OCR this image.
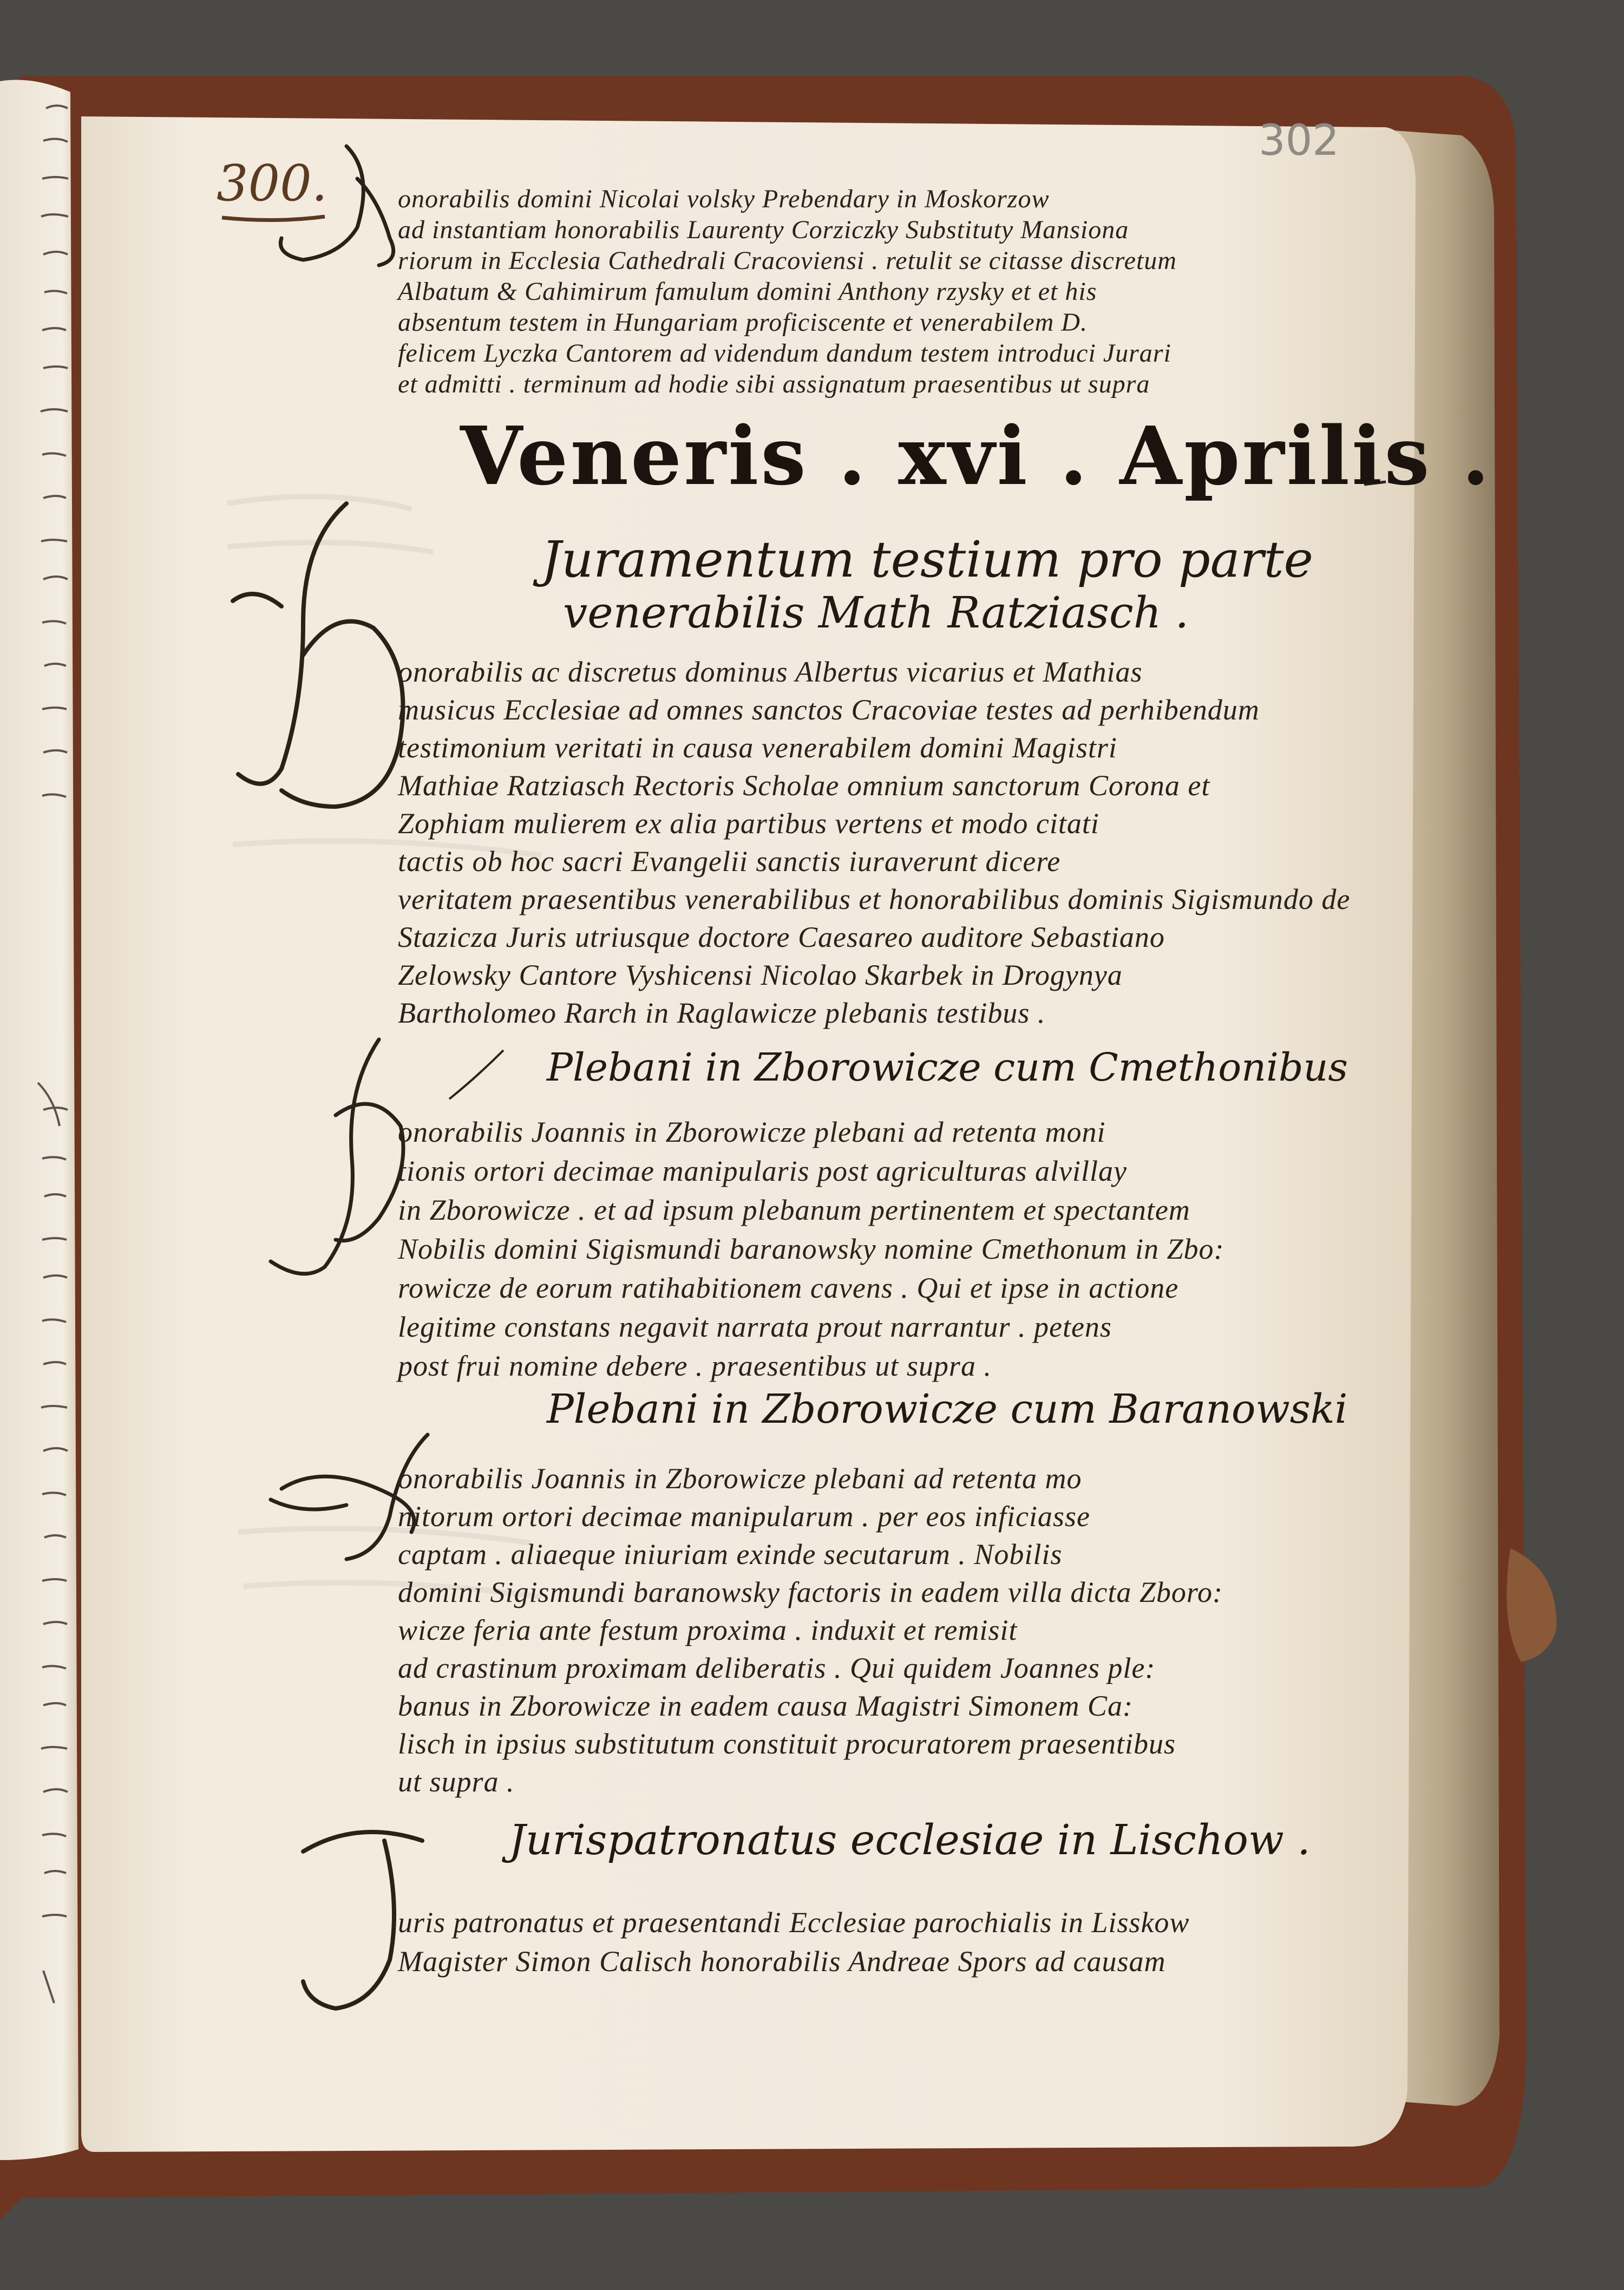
300.
302
Veneris . xvi . Aprilis .
onorabilis domini Nicolai volsky Prebendary in Moskorzow
ad instantiam honorabilis Laurenty Corziczky Substituty Mansiona
riorum in Ecclesia Cathedrali Cracoviensi . retulit se citasse discretum
Albatum & Cahimirum famulum domini Anthony rzysky et et his
absentum testem in Hungariam proficiscente et venerabilem D.
felicem Lyczka Cantorem ad videndum dandum testem introduci Jurari
et admitti . terminum ad hodie sibi assignatum praesentibus ut supra
Juramentum testium pro parte
venerabilis Math Ratziasch .
onorabilis ac discretus dominus Albertus vicarius et Mathias
musicus Ecclesiae ad omnes sanctos Cracoviae testes ad perhibendum
testimonium veritati in causa venerabilem domini Magistri
Mathiae Ratziasch Rectoris Scholae omnium sanctorum Corona et
Zophiam mulierem ex alia partibus vertens et modo citati
tactis ob hoc sacri Evangelii sanctis iuraverunt dicere
veritatem praesentibus venerabilibus et honorabilibus dominis Sigismundo de
Stazicza Juris utriusque doctore Caesareo auditore Sebastiano
Zelowsky Cantore Vyshicensi Nicolao Skarbek in Drogynya
Bartholomeo Rarch in Raglawicze plebanis testibus .
Plebani in Zborowicze cum Cmethonibus
onorabilis Joannis in Zborowicze plebani ad retenta moni
tionis ortori decimae manipularis post agriculturas alvillay
in Zborowicze . et ad ipsum plebanum pertinentem et spectantem
Nobilis domini Sigismundi baranowsky nomine Cmethonum in Zbo:
rowicze de eorum ratihabitionem cavens . Qui et ipse in actione
legitime constans negavit narrata prout narrantur . petens
post frui nomine debere . praesentibus ut supra .
Plebani in Zborowicze cum Baranowski
onorabilis Joannis in Zborowicze plebani ad retenta mo
nitorum ortori decimae manipularum . per eos inficiasse
captam . aliaeque iniuriam exinde secutarum . Nobilis
domini Sigismundi baranowsky factoris in eadem villa dicta Zboro:
wicze feria ante festum proxima . induxit et remisit
ad crastinum proximam deliberatis . Qui quidem Joannes ple:
banus in Zborowicze in eadem causa Magistri Simonem Ca:
lisch in ipsius substitutum constituit procuratorem praesentibus
ut supra .
Jurispatronatus ecclesiae in Lischow .
uris patronatus et praesentandi Ecclesiae parochialis in Lisskow
Magister Simon Calisch honorabilis Andreae Spors ad causam
